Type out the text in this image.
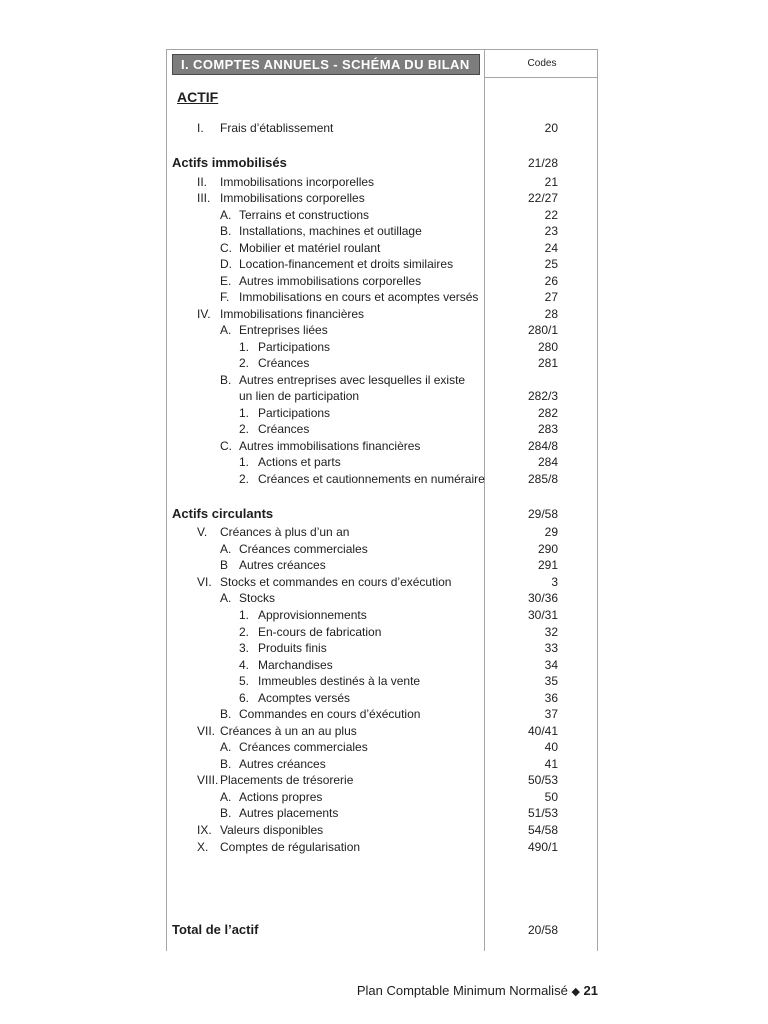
I. COMPTES ANNUELS - SCHÉMA DU BILAN	Codes
ACTIF
I. Frais d’établissement	20
Actifs immobilisés	21/28
II. Immobilisations incorporelles	21
III. Immobilisations corporelles	22/27
A. Terrains et constructions	22
B. Installations, machines et outillage	23
C. Mobilier et matériel roulant	24
D. Location-financement et droits similaires	25
E. Autres immobilisations corporelles	26
F. Immobilisations en cours et acomptes versés	27
IV. Immobilisations financières	28
A. Entreprises liées	280/1
1. Participations	280
2. Créances	281
B. Autres entreprises avec lesquelles il existe
un lien de participation	282/3
1. Participations	282
2. Créances	283
C. Autres immobilisations financières	284/8
1. Actions et parts	284
2. Créances et cautionnements en numéraire	285/8
Actifs circulants	29/58
V. Créances à plus d’un an	29
A. Créances commerciales	290
B Autres créances	291
VI. Stocks et commandes en cours d’exécution	3
A. Stocks	30/36
1. Approvisionnements	30/31
2. En-cours de fabrication	32
3. Produits finis	33
4. Marchandises	34
5. Immeubles destinés à la vente	35
6. Acomptes versés	36
B. Commandes en cours d’éxécution	37
VII. Créances à un an au plus	40/41
A. Créances commerciales	40
B. Autres créances	41
VIII. Placements de trésorerie	50/53
A. Actions propres	50
B. Autres placements	51/53
IX. Valeurs disponibles	54/58
X. Comptes de régularisation	490/1
Total de l’actif	20/58
Plan Comptable Minimum Normalisé ◆ 21
